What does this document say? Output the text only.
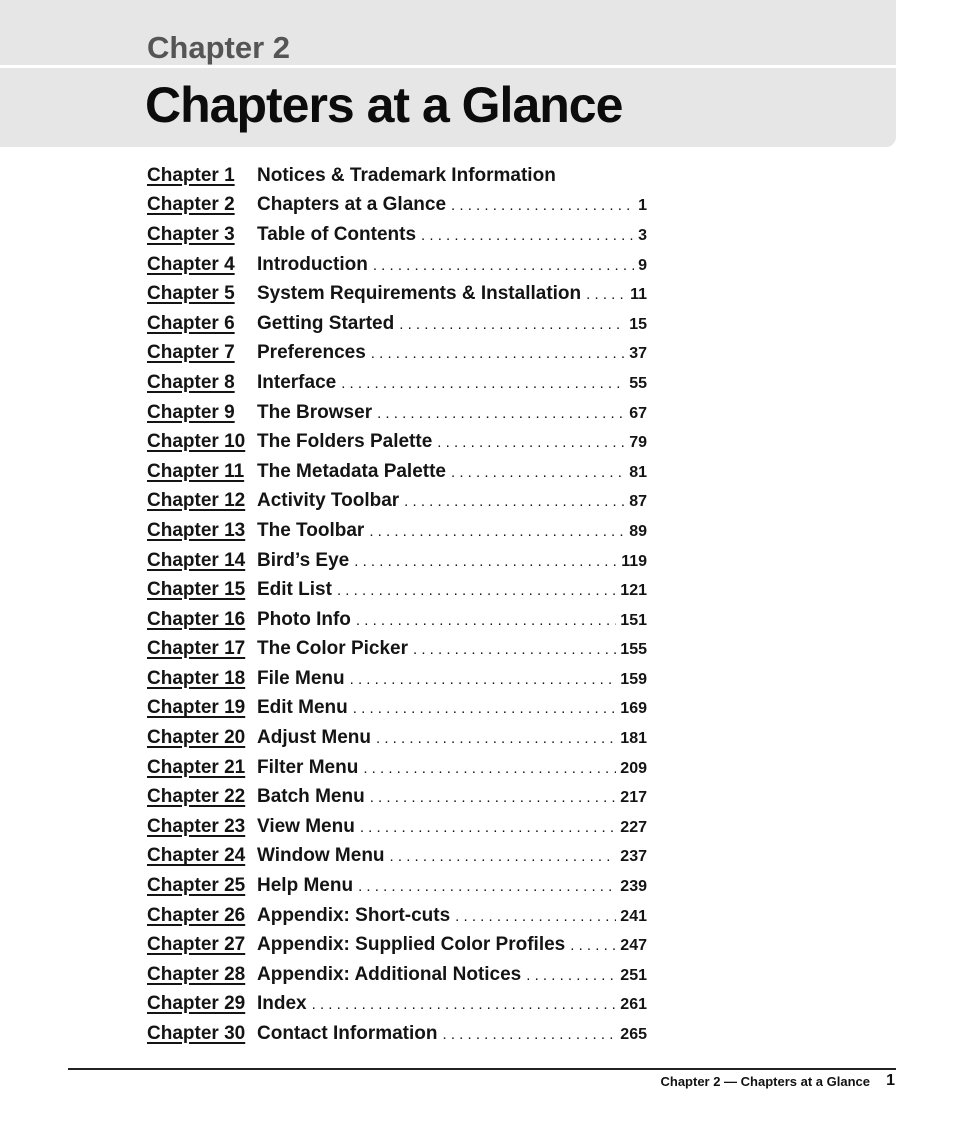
Chapter 2
Chapters at a Glance
Chapter 1	Notices & Trademark Information
Chapter 2	Chapters at a Glance . . .	1
Chapter 3	Table of Contents . . .	3
Chapter 4	Introduction . . .	9
Chapter 5	System Requirements & Installation . . .	11
Chapter 6	Getting Started . . .	15
Chapter 7	Preferences . . .	37
Chapter 8	Interface . . .	55
Chapter 9	The Browser . . .	67
Chapter 10 The Folders Palette . . .	79
Chapter 11 The Metadata Palette . . .	81
Chapter 12 Activity Toolbar . . .	87
Chapter 13 The Toolbar . . .	89
Chapter 14 Bird’s Eye . . .	119
Chapter 15 Edit List . . .	121
Chapter 16 Photo Info . . .	151
Chapter 17 The Color Picker . . .	155
Chapter 18 File Menu . . .	159
Chapter 19 Edit Menu . . .	169
Chapter 20 Adjust Menu . . .	181
Chapter 21 Filter Menu . . .	209
Chapter 22 Batch Menu . . .	217
Chapter 23 View Menu . . .	227
Chapter 24 Window Menu . . .	237
Chapter 25 Help Menu . . .	239
Chapter 26 Appendix: Short-cuts . . .	241
Chapter 27 Appendix: Supplied Color Profiles . . .	247
Chapter 28 Appendix: Additional Notices . . .	251
Chapter 29 Index . . .	261
Chapter 30 Contact Information . . .	265
Chapter 2 — Chapters at a Glance 1
